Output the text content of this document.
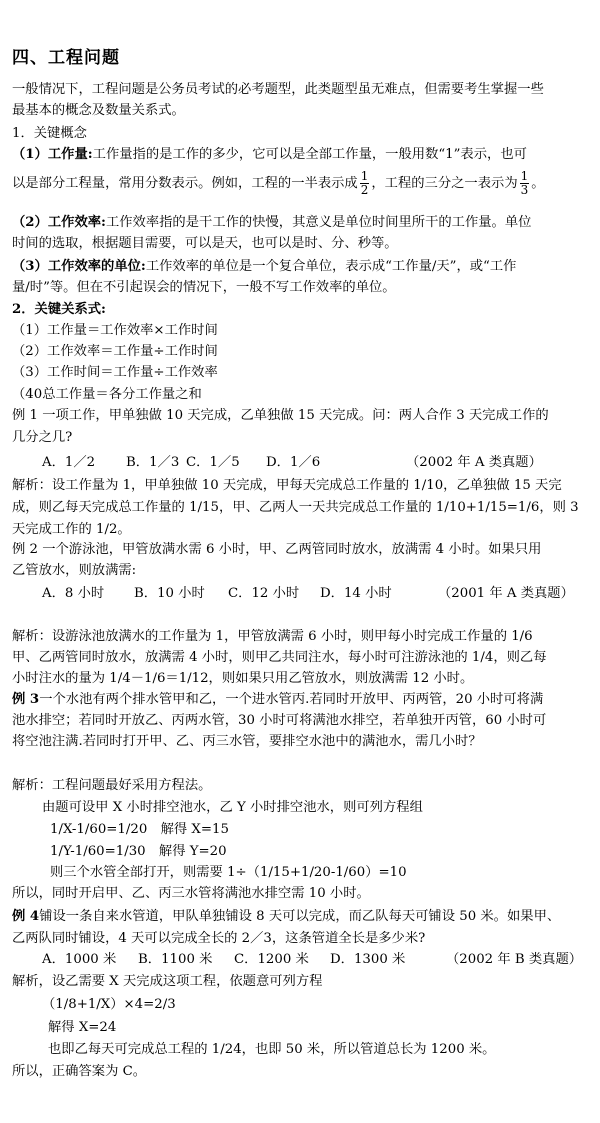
四、工程问题
一般情况下，工程问题是公务员考试的必考题型，此类题型虽无难点，但需要考生掌握一些
最基本的概念及数量关系式。
1．关键概念
（1）工作量:工作量指的是工作的多少，它可以是全部工作量，一般用数“1”表示，也可
以是部分工程量，常用分数表示。例如，工程的一半表示成 $\frac{1}{2}$ ，工程的三分之一表示为 $\frac{1}{3}$ 。
（2）工作效率:工作效率指的是干工作的快慢，其意义是单位时间里所干的工作量。单位
时间的选取，根据题目需要，可以是天，也可以是时、分、秒等。
（3）工作效率的单位:工作效率的单位是一个复合单位，表示成“工作量/天”，或“工作
量/时”等。但在不引起误会的情况下，一般不写工作效率的单位。
2．关键关系式:
（1）工作量＝工作效率×工作时间
（2）工作效率＝工作量÷工作时间
（3）工作时间＝工作量÷工作效率
（40总工作量＝各分工作量之和
例 1 一项工作，甲单独做 10 天完成，乙单独做 15 天完成。问：两人合作 3 天完成工作的
几分之几?
A．1／2 B．1／3 C．1／5 D．1／6	（2002 年 A 类真题）
解析：设工作量为 1，甲单独做 10 天完成，甲每天完成总工作量的 1/10，乙单独做 15 天完
成，则乙每天完成总工作量的 1/15，甲、乙两人一天共完成总工作量的 1/10+1/15=1/6，则 3
天完成工作的 1/2。
例 2 一个游泳池，甲管放满水需 6 小时，甲、乙两管同时放水，放满需 4 小时。如果只用
乙管放水，则放满需:
A．8 小时 B．10 小时 C．12 小时 D．14 小时	（2001 年 A 类真题）
解析：设游泳池放满水的工作量为 1，甲管放满需 6 小时，则甲每小时完成工作量的 1/6
甲、乙两管同时放水，放满需 4 小时，则甲乙共同注水，每小时可注游泳池的 1/4，则乙每
小时注水的量为 1/4－1/6＝1/12，则如果只用乙管放水，则放满需 12 小时。
例 3一个水池有两个排水管甲和乙，一个进水管丙.若同时开放甲、丙两管，20 小时可将满
池水排空；若同时开放乙、丙两水管，30 小时可将满池水排空，若单独开丙管，60 小时可
将空池注满.若同时打开甲、乙、丙三水管，要排空水池中的满池水，需几小时？
解析：工程问题最好采用方程法。
由题可设甲 X 小时排空池水，乙 Y 小时排空池水，则可列方程组
1/X-1/60=1/20　解得 X=15
1/Y-1/60=1/30　解得 Y=20
则三个水管全部打开，则需要 1÷（1/15+1/20-1/60）=10
所以，同时开启甲、乙、丙三水管将满池水排空需 10 小时。
例 4铺设一条自来水管道，甲队单独铺设 8 天可以完成，而乙队每天可铺设 50 米。如果甲、
乙两队同时铺设，4 天可以完成全长的 2／3，这条管道全长是多少米?
A．1000 米 B．1100 米 C．1200 米 D．1300 米	（2002 年 B 类真题）
解析，设乙需要 X 天完成这项工程，依题意可列方程
（1/8+1/X）×4=2/3
解得 X=24
也即乙每天可完成总工程的 1/24，也即 50 米，所以管道总长为 1200 米。
所以，正确答案为 C。
